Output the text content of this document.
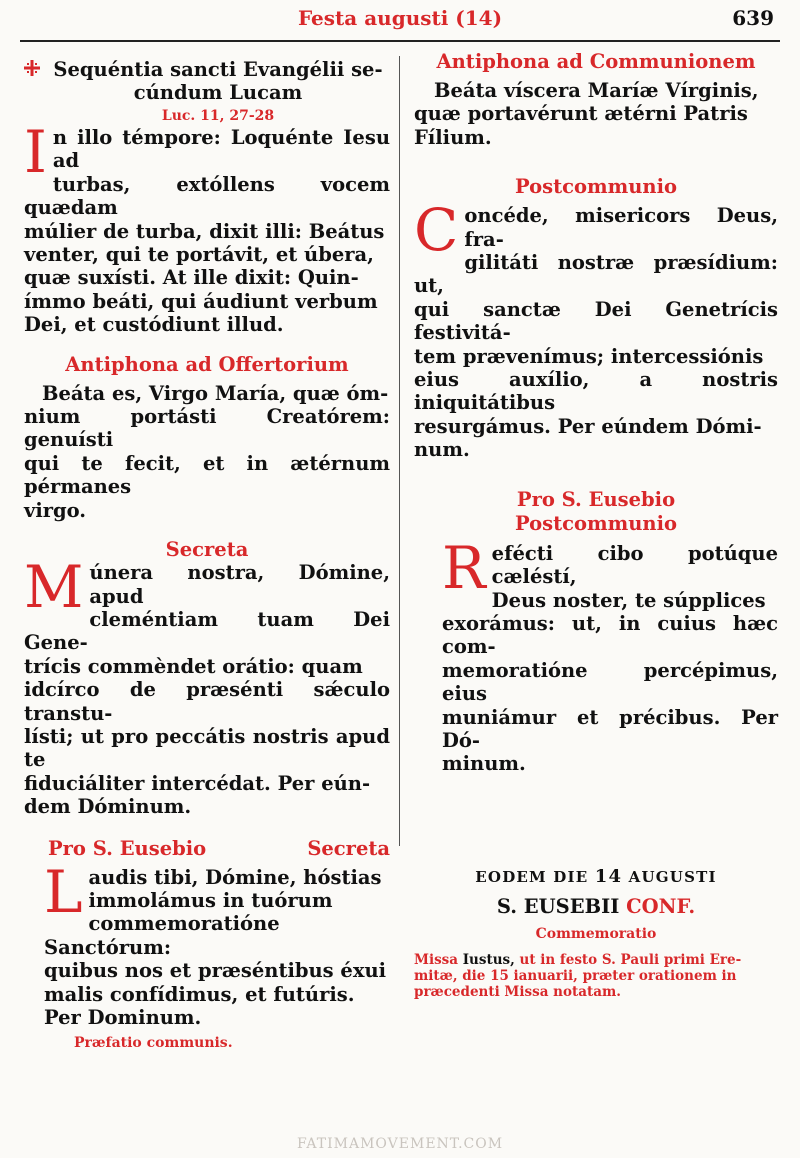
Festa augusti (14)	639
Sequéntia sancti Evangélii se-
cúndum Lucam
Luc. 11, 27-28
I n illo témpore: Loquénte Iesu ad
turbas, extóllens vocem quædam
múlier de turba, dixit illi: Beátus
venter, qui te portávit, et úbera,
quæ suxísti. At ille dixit: Quin-
ímmo beáti, qui áudiunt verbum
Dei, et custódiunt illud.
Antiphona ad Offertorium
Beáta es, Virgo María, quæ óm-
nium portásti Creatórem: genuísti
qui te fecit, et in ætérnum pérmanes
virgo.
Secreta
M únera nostra, Dómine, apud
cleméntiam tuam Dei Gene-
trícis commèndet orátio: quam
idcírco de præsénti sǽculo transtu-
lísti; ut pro peccátis nostris apud te
fiduciáliter intercédat. Per eún-
dem Dóminum.
Pro S. Eusebio	Secreta
L audis tibi, Dómine, hóstias
immolámus in tuórum
commemoratióne Sanctórum:
quibus nos et præséntibus éxui
malis confídimus, et futúris.
Per Dominum.
Præfatio communis.
Antiphona ad Communionem
Beáta víscera Maríæ Vírginis,
quæ portavérunt ætérni Patris
Fílium.
Postcommunio
C oncéde, misericors Deus, fra-
gilitáti nostræ præsídium: ut,
qui sanctæ Dei Genetrícis festivitá-
tem prævenímus; intercessiónis
eius auxílio, a nostris iniquitátibus
resurgámus. Per eúndem Dómi-
num.
Pro S. Eusebio
Postcommunio
R efécti cibo potúque cæléstí,
Deus noster, te súpplices
exorámus: ut, in cuius hæc com-
memoratióne percépimus, eius
muniámur et précibus. Per Dó-
minum.
EODEM DIE 14 AUGUSTI
S. EUSEBII CONF.
Commemoratio
Missa Iustus, ut in festo S. Pauli primi Ere-
mitæ, die 15 ianuarii, præter orationem in
præcedenti Missa notatam.
FATIMAMOVEMENT.COM
